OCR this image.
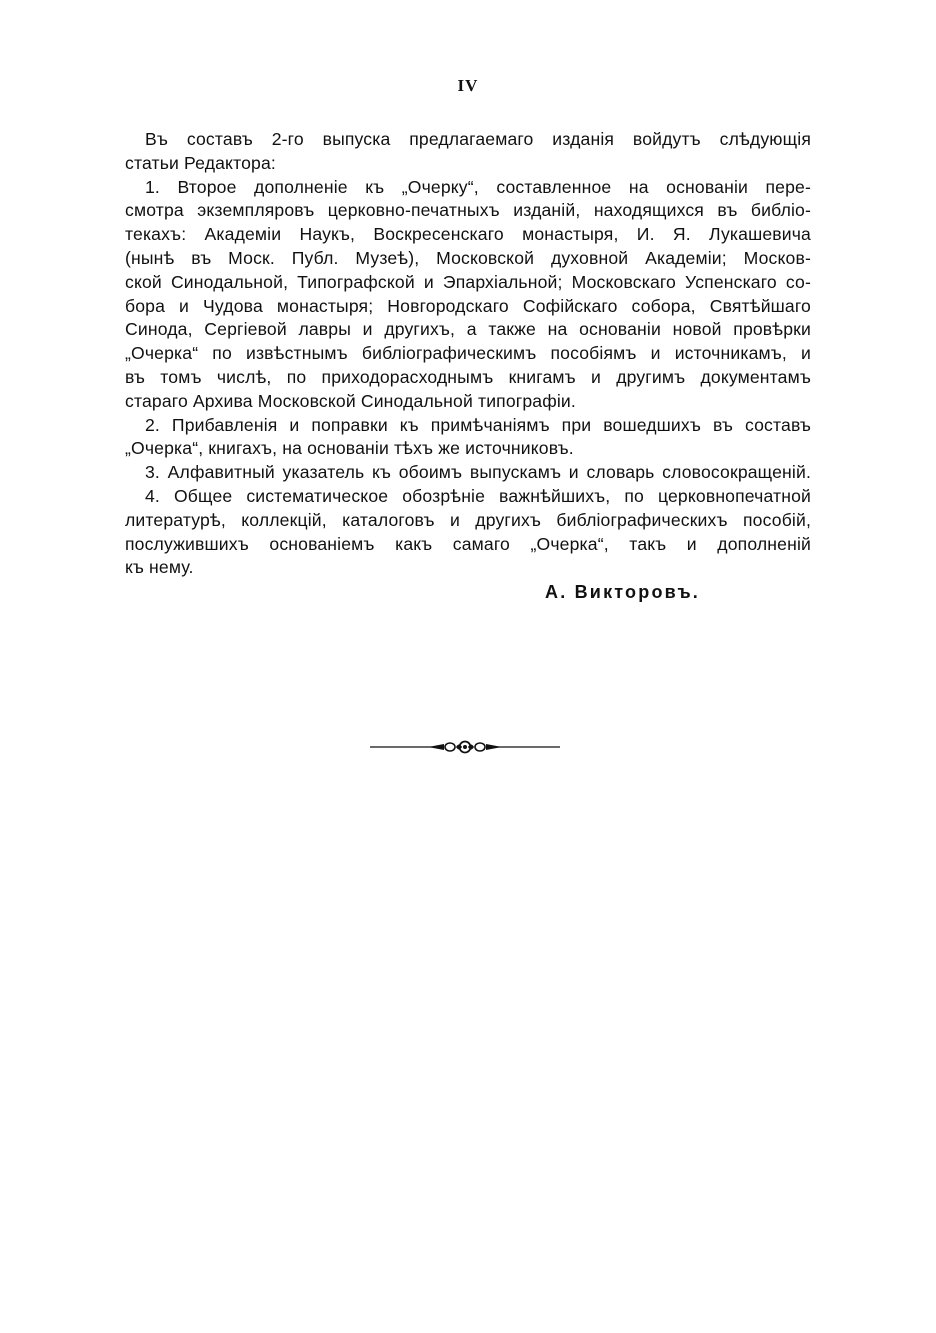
IV
Въ составъ 2-го выпуска предлагаемаго изданія войдутъ слѣдующія
статьи Редактора:
1. Второе дополненіе къ „Очерку“, составленное на основаніи пере-
смотра экземпляровъ церковно-печатныхъ изданій, находящихся въ библіо-
текахъ: Академіи Наукъ, Воскресенскаго монастыря, И. Я. Лукашевича
(нынѣ въ Моск. Публ. Музеѣ), Московской духовной Академіи; Москов-
ской Синодальной, Типографской и Эпархіальной; Московскаго Успенскаго со-
бора и Чудова монастыря; Новгородскаго Софійскаго собора, Святѣйшаго
Синода, Сергіевой лавры и другихъ, а также на основаніи новой провѣрки
„Очерка“ по извѣстнымъ библіографическимъ пособіямъ и источникамъ, и
въ томъ числѣ, по приходорасходнымъ книгамъ и другимъ документамъ
стараго Архива Московской Синодальной типографіи.
2. Прибавленія и поправки къ примѣчаніямъ при вошедшихъ въ составъ
„Очерка“, книгахъ, на основаніи тѣхъ же источниковъ.
3. Алфавитный указатель къ обоимъ выпускамъ и словарь словосокращеній.
4. Общее систематическое обозрѣніе важнѣйшихъ, по церковнопечатной
литературѣ, коллекцій, каталоговъ и другихъ библіографическихъ пособій,
послужившихъ основаніемъ какъ самаго „Очерка“, такъ и дополненій
къ нему.
А. Викторовъ.
